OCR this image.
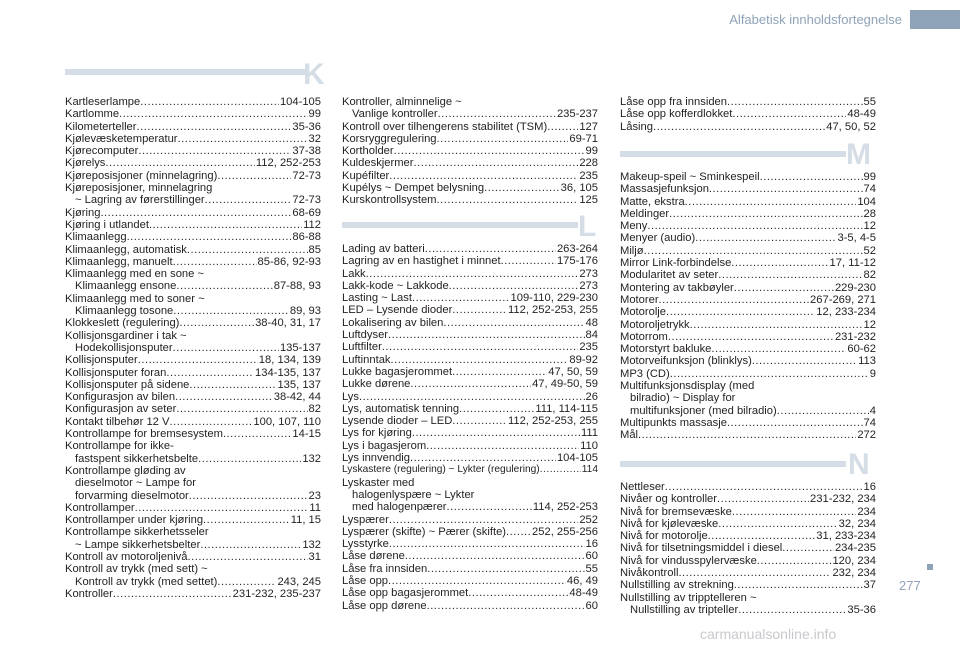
Alfabetisk innholdsfortegnelse
K
Kartleserlampe .....	104-105
Kartlomme .....	99
Kilometerteller .....	35-36
Kjølevæsketemperatur .....	32
Kjørecomputer .....	37-38
Kjørelys .....	112, 252-253
Kjøreposisjoner (minnelagring) .....	72-73
Kjøreposisjoner, minnelagring
~ Lagring av førerstillinger .....	72-73
Kjøring .....	68-69
Kjøring i utlandet .....	112
Klimaanlegg .....	86-88
Klimaanlegg, automatisk .....	85
Klimaanlegg, manuelt .....	85-86, 92-93
Klimaanlegg med en sone ~
Klimaanlegg ensone .....	87-88, 93
Klimaanlegg med to soner ~
Klimaanlegg tosone .....	89, 93
Klokkeslett (regulering) .....	38-40, 31, 17
Kollisjonsgardiner i tak ~
Hodekollisjonsputer .....	135-137
Kollisjonsputer .....	18, 134, 139
Kollisjonsputer foran .....	134-135, 137
Kollisjonsputer på sidene .....	135, 137
Konfigurasjon av bilen .....	38-42, 44
Konfigurasjon av seter .....	82
Kontakt tilbehør 12 V .....	100, 107, 110
Kontrollampe for bremsesystem .....	14-15
Kontrollampe for ikke-
fastspent sikkerhetsbelte .....	132
Kontrollampe gløding av
dieselmotor ~ Lampe for
forvarming dieselmotor .....	23
Kontrollamper .....	11
Kontrollamper under kjøring .....	11, 15
Kontrollampe sikkerhetsseler
~ Lampe sikkerhetsbelter .....	132
Kontroll av motoroljenivå .....	31
Kontroll av trykk (med sett) ~
Kontroll av trykk (med settet) .....	243, 245
Kontroller .....	231-232, 235-237
Kontroller, alminnelige ~
Vanlige kontroller .....	235-237
Kontroll over tilhengerens stabilitet (TSM) .....	127
Korsryggregulering .....	69-71
Kortholder .....	99
Kuldeskjermer .....	228
Kupéfilter .....	235
Kupélys ~ Dempet belysning .....	36, 105
Kurskontrollsystem .....	125
L
Lading av batteri .....	263-264
Lagring av en hastighet i minnet .....	175-176
Lakk .....	273
Lakk-kode ~ Lakkode .....	273
Lasting ~ Last .....	109-110, 229-230
LED – Lysende dioder .....	112, 252-253, 255
Lokalisering av bilen .....	48
Luftdyser .....	84
Luftfilter .....	235
Luftinntak .....	89-92
Lukke bagasjerommet .....	47, 50, 59
Lukke dørene .....	47, 49-50, 59
Lys .....	26
Lys, automatisk tenning .....	111, 114-115
Lysende dioder – LED .....	112, 252-253, 255
Lys for kjøring .....	111
Lys i bagasjerom .....	110
Lys innvendig .....	104-105
Lyskastere (regulering) ~ Lykter (regulering) .....	114
Lyskaster med
halogenlyspære ~ Lykter
med halogenpærer .....	114, 252-253
Lyspærer .....	252
Lyspærer (skifte) ~ Pærer (skifte) ..... 252, 255-256
Lysstyrke .....	16
Låse dørene .....	60
Låse fra innsiden .....	55
Låse opp .....	46, 49
Låse opp bagasjerommet .....	48-49
Låse opp dørene .....	60
Låse opp fra innsiden .....	55
Låse opp kofferdlokket .....	48-49
Låsing .....	47, 50, 52
M
Makeup-speil ~ Sminkespeil .....	99
Massasjefunksjon .....	74
Matte, ekstra .....	104
Meldinger .....	28
Meny .....	12
Menyer (audio) .....	3-5, 4-5
Miljø .....	52
Mirror Link-forbindelse .....	17, 11-12
Modularitet av seter .....	82
Montering av takbøyler .....	229-230
Motorer .....	267-269, 271
Motorolje .....	12, 233-234
Motoroljetrykk .....	12
Motorrom .....	231-232
Motorstyrt bakluke .....	60-62
Motorveifunksjon (blinklys) .....	113
MP3 (CD) .....	9
Multifunksjonsdisplay (med
bilradio) ~ Display for
multifunksjoner (med bilradio) .....	4
Multipunkts massasje .....	74
Mål .....	272
N
Nettleser .....	16
Nivåer og kontroller .....	231-232, 234
Nivå for bremsevæske .....	234
Nivå for kjølevæske .....	32, 234
Nivå for motorolje .....	31, 233-234
Nivå for tilsetningsmiddel i diesel .....	234-235
Nivå for vindusspylervæske .....	120, 234
Nivåkontroll .....	232, 234
Nullstilling av strekning .....	37
Nullstilling av tripptelleren ~
Nullstilling av tripteller .....	35-36
277
carmanualsonline.info
